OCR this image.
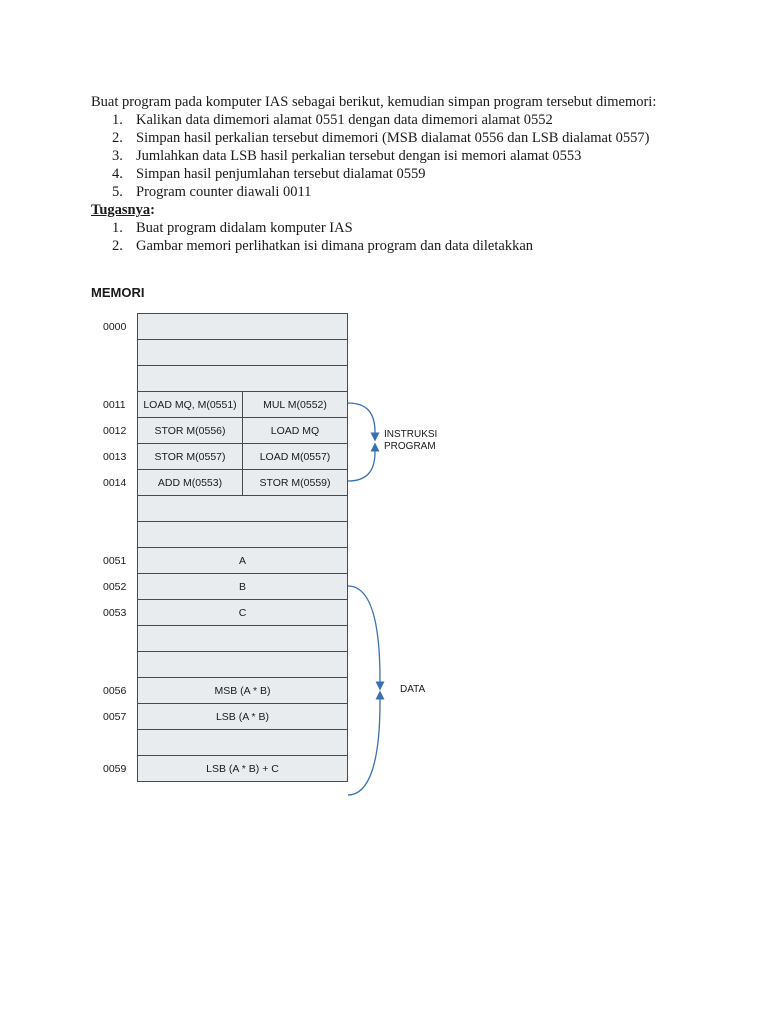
Buat program pada komputer IAS sebagai berikut, kemudian simpan program tersebut dimemori:
1. Kalikan data dimemori alamat 0551 dengan data dimemori alamat 0552
2. Simpan hasil perkalian tersebut dimemori (MSB dialamat 0556 dan LSB dialamat 0557)
3. Jumlahkan data LSB hasil perkalian tersebut dengan isi memori alamat 0553
4. Simpan hasil penjumlahan tersebut dialamat 0559
5. Program counter diawali 0011
Tugasnya:
1. Buat program didalam komputer IAS
2. Gambar memori perlihatkan isi dimana program dan data diletakkan
MEMORI
0000
0011	LOAD MQ, M(0551)	MUL M(0552)
0012	STOR M(0556)	LOAD MQ
0013	STOR M(0557)	LOAD M(0557)
0014	ADD M(0553)	STOR M(0559)
0051	A
0052	B
0053	C
0056	MSB (A * B)
0057	LSB (A * B)
0059	LSB (A * B) + C
INSTRUKSI
PROGRAM
DATA
